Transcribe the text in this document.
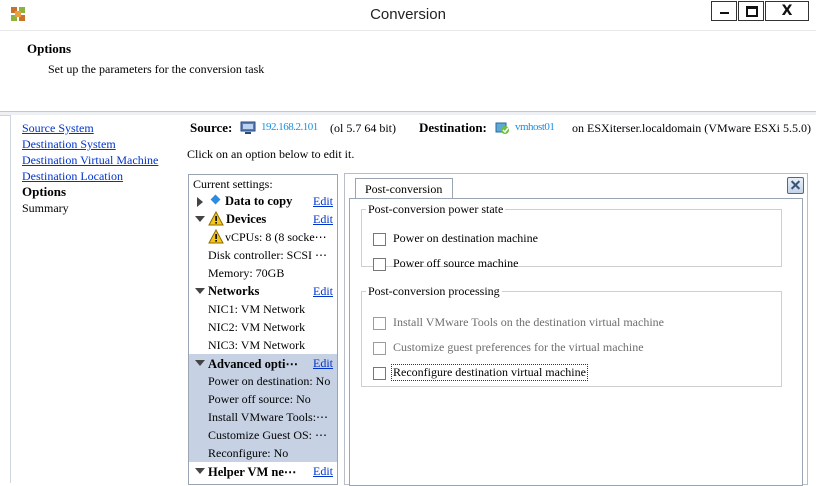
Conversion	X
Options
Set up the parameters for the conversion task
Source System
Destination System
Destination Virtual Machine
Destination Location
Options
Summary
Source:	192.168.2.101 (ol 5.7 64 bit) Destination:	vmhost01 on ESXiterser.localdomain (VMware ESXi 5.5.0)
Click on an option below to edit it.
Current settings:
Data to copy Edit
Devices	Edit
vCPUs: 8 (8 socke⋯
Disk controller: SCSI ⋯
Memory: 70GB
Networks	Edit
NIC1: VM Network
NIC2: VM Network
NIC3: VM Network
Advanced opti⋯ Edit
Power on destination: No
Power off source: No
Install VMware Tools:⋯
Customize Guest OS: ⋯
Reconfigure: No
Helper VM ne⋯ Edit
Post-conversion
Post-conversion power state
Power on destination machine
Power off source machine
Post-conversion processing
Install VMware Tools on the destination virtual machine
Customize guest preferences for the virtual machine
Reconfigure destination virtual machine
